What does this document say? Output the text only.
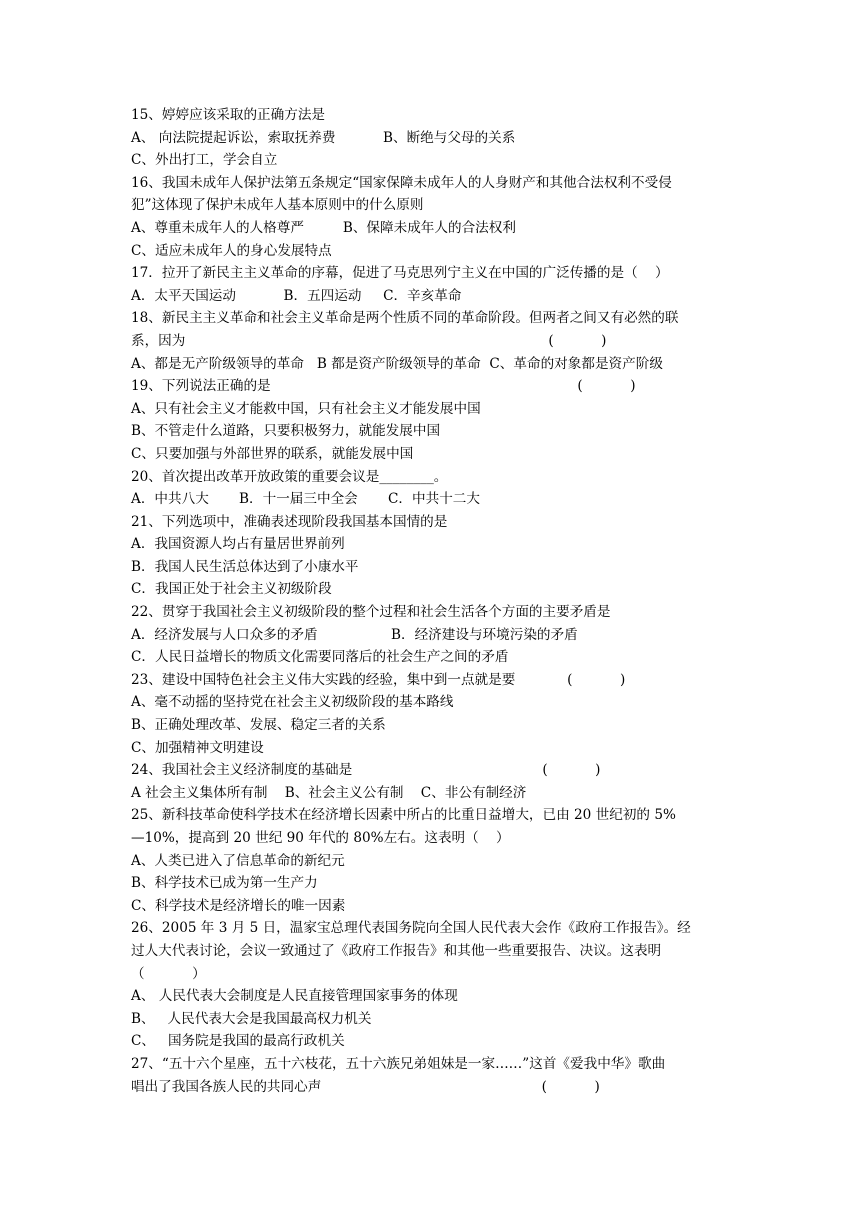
15、婷婷应该采取的正确方法是
A、 向法院提起诉讼，索取抚养费           B、断绝与父母的关系
C、外出打工，学会自立
16、我国未成年人保护法第五条规定“国家保障未成年人的人身财产和其他合法权利不受侵
犯”这体现了保护未成年人基本原则中的什么原则
A、尊重未成年人的人格尊严         B、保障未成年人的合法权利
C、适应未成年人的身心发展特点
17．拉开了新民主主义革命的序幕，促进了马克思列宁主义在中国的广泛传播的是（    ）
A．太平天国运动           B．五四运动     C．辛亥革命
18、新民主主义革命和社会主义革命是两个性质不同的革命阶段。但两者之间又有必然的联
系，因为                                                                                    (           )
A、都是无产阶级领导的革命   B 都是资产阶级领导的革命  C、革命的对象都是资产阶级
19、下列说法正确的是                                                                       (           )
A、只有社会主义才能救中国，只有社会主义才能发展中国
B、不管走什么道路，只要积极努力，就能发展中国
C、只要加强与外部世界的联系，就能发展中国
20、首次提出改革开放政策的重要会议是________。
A．中共八大       B．十一届三中全会       C．中共十二大
21、下列选项中，准确表述现阶段我国基本国情的是
A．我国资源人均占有量居世界前列
B．我国人民生活总体达到了小康水平
C．我国正处于社会主义初级阶段
22、贯穿于我国社会主义初级阶段的整个过程和社会生活各个方面的主要矛盾是
A．经济发展与人口众多的矛盾                 B．经济建设与环境污染的矛盾
C．人民日益增长的物质文化需要同落后的社会生产之间的矛盾
23、建设中国特色社会主义伟大实践的经验，集中到一点就是要            (           )
A、毫不动摇的坚持党在社会主义初级阶段的基本路线
B、正确处理改革、发展、稳定三者的关系
C、加强精神文明建设
24、我国社会主义经济制度的基础是                                            (           )
A 社会主义集体所有制    B、社会主义公有制    C、非公有制经济
25、新科技革命使科学技术在经济增长因素中所占的比重日益增大，已由 20 世纪初的 5%
—10%，提高到 20 世纪 90 年代的 80%左右。这表明（    ）
A、人类已进入了信息革命的新纪元
B、科学技术已成为第一生产力
C、科学技术是经济增长的唯一因素
26、2005 年 3 月 5 日，温家宝总理代表国务院向全国人民代表大会作《政府工作报告》。经
过人大代表讨论，会议一致通过了《政府工作报告》和其他一些重要报告、决议。这表明
（           ）
A、 人民代表大会制度是人民直接管理国家事务的体现
B、   人民代表大会是我国最高权力机关
C、   国务院是我国的最高行政机关
27、“五十六个星座，五十六枝花，五十六族兄弟姐妹是一家……”这首《爱我中华》歌曲
唱出了我国各族人民的共同心声                                                   (           )
